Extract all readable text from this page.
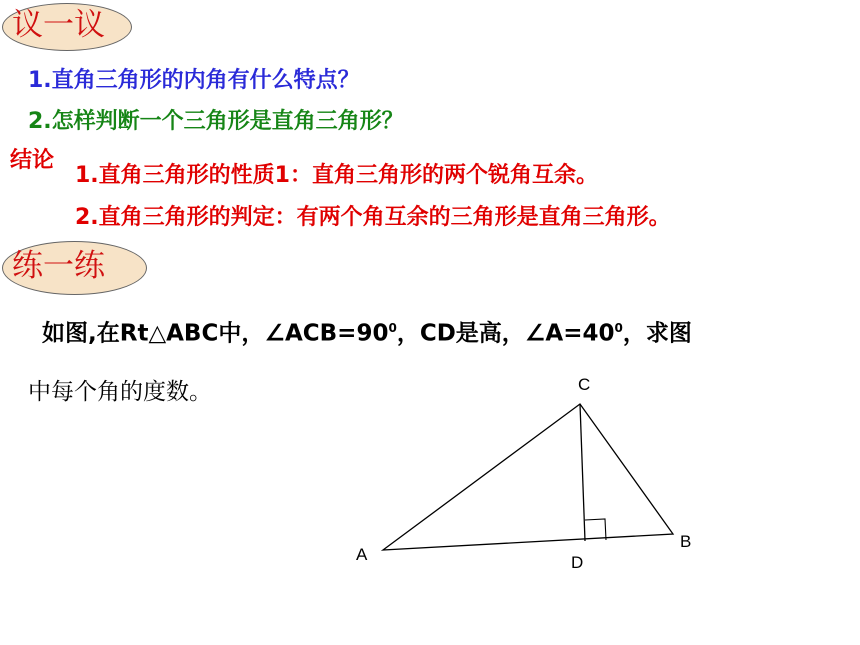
议一议
1.直角三角形的内角有什么特点？
2.怎样判断一个三角形是直角三角形？
结论
1.直角三角形的性质1：直角三角形的两个锐角互余。
2.直角三角形的判定：有两个角互余的三角形是直角三角形。
练一练
如图,在Rt△ABC中，$\angle ACB=90^0$，CD是高，$\angle A=40^0$，求图
中每个角的度数。	C
A
B
D
